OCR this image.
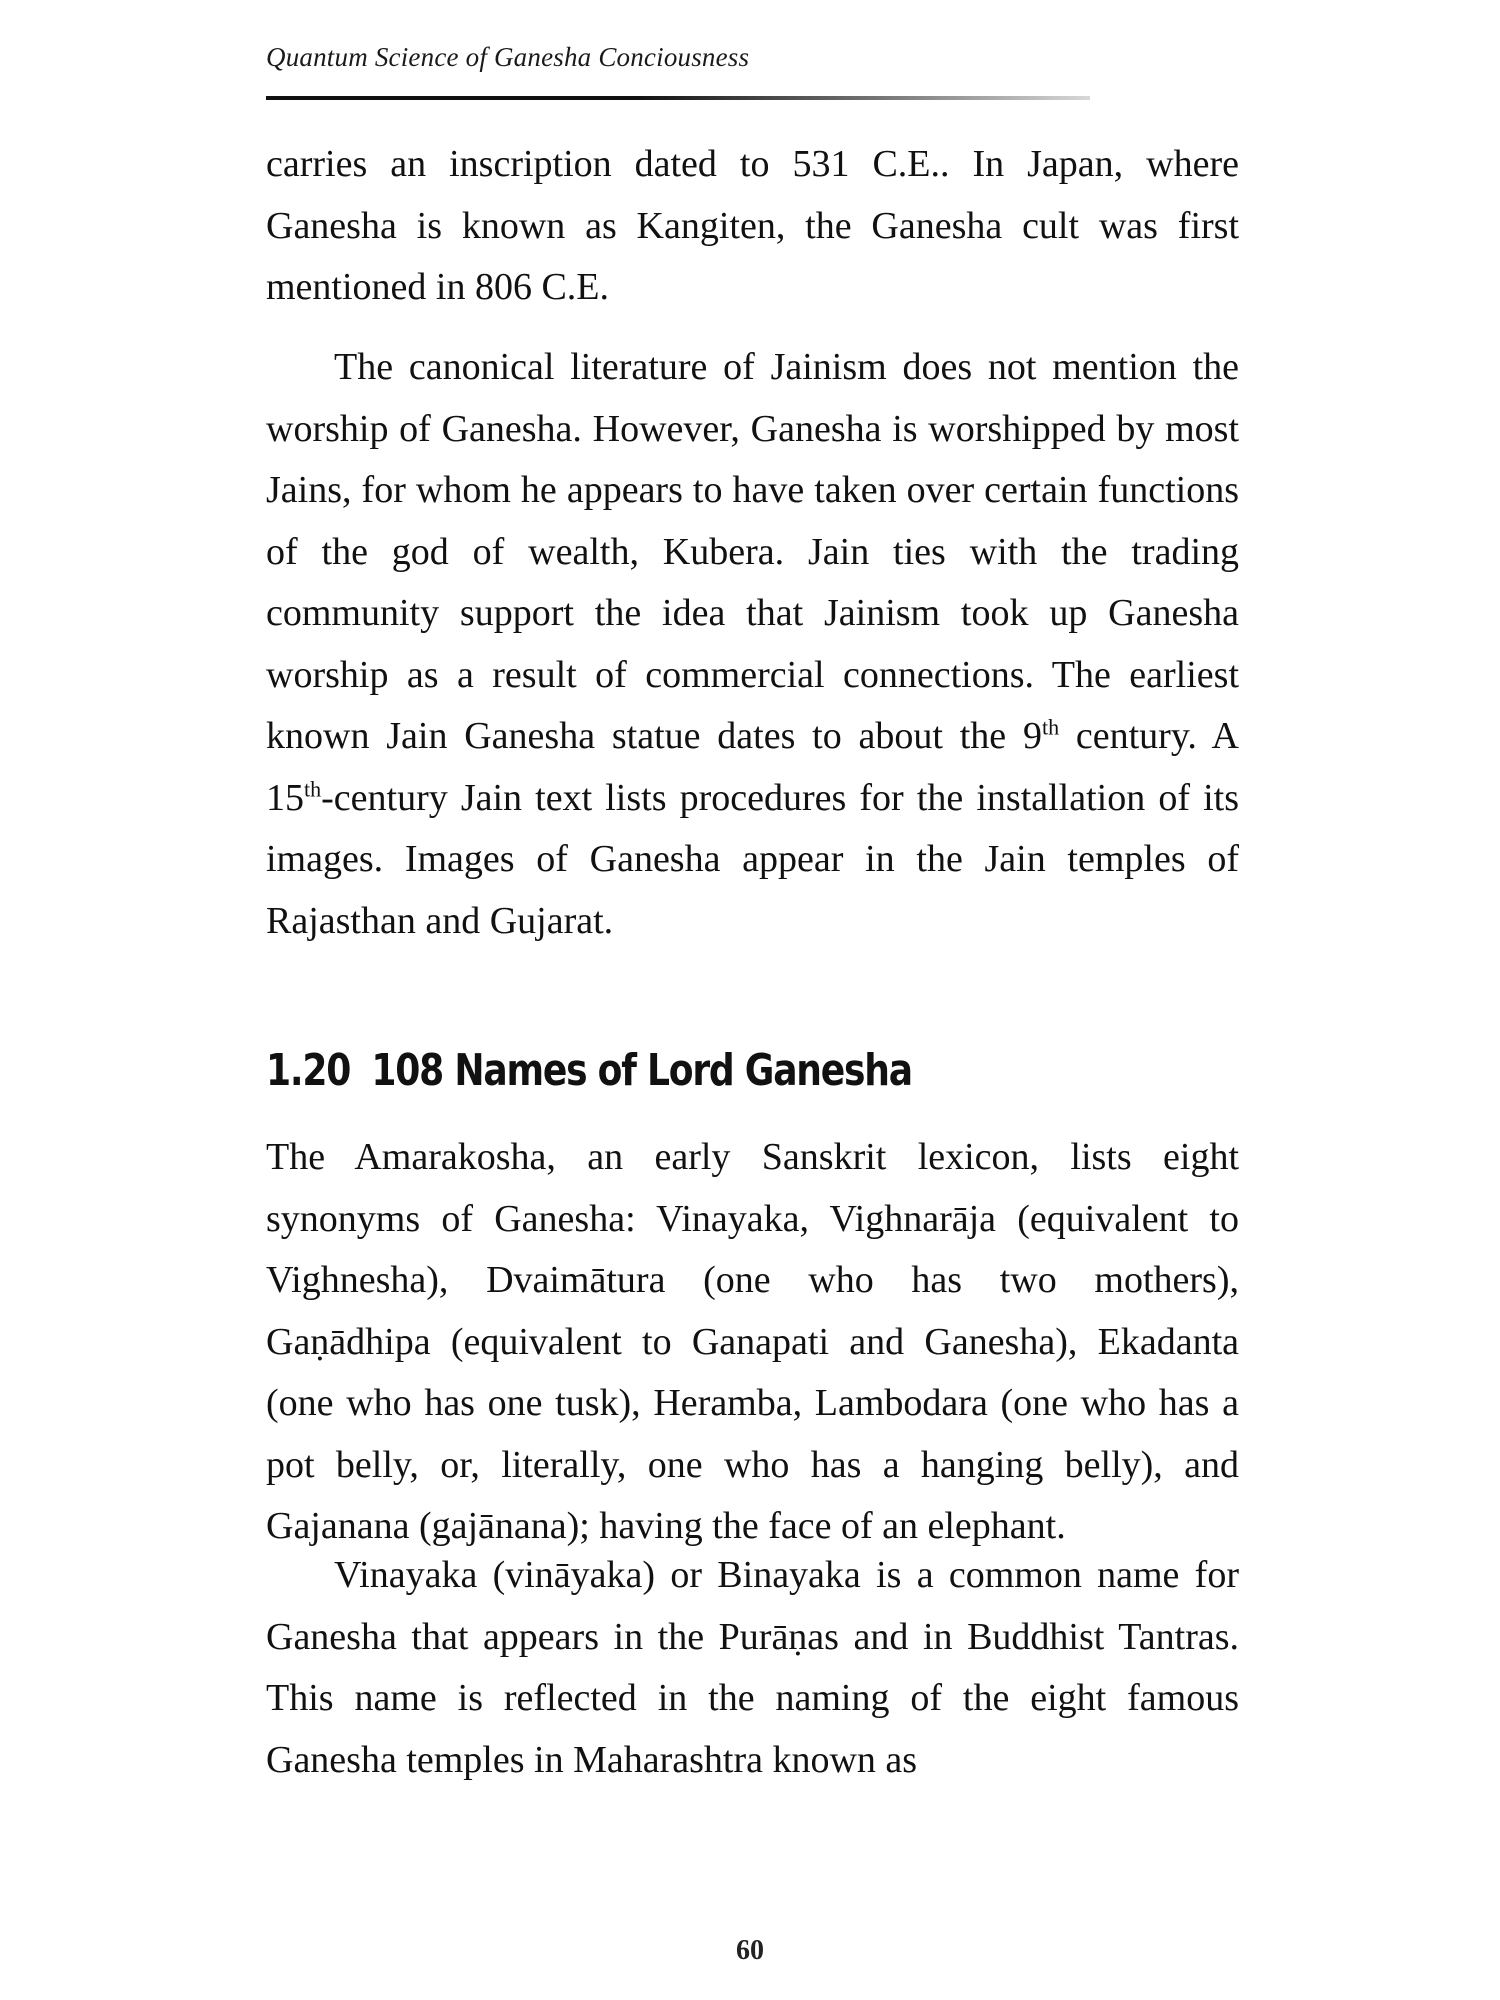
Quantum Science of Ganesha Conciousness

carries an inscription dated to 531 C.E.. In Japan, where Ganesha is known as Kangiten, the Ganesha cult was first mentioned in 806 C.E.

The canonical literature of Jainism does not mention the worship of Ganesha. However, Ganesha is worshipped by most Jains, for whom he appears to have taken over certain functions of the god of wealth, Kubera. Jain ties with the trading community support the idea that Jainism took up Ganesha worship as a result of commercial connections. The earliest known Jain Ganesha statue dates to about the 9th century. A 15th-century Jain text lists procedures for the installation of its images. Images of Ganesha appear in the Jain temples of Rajasthan and Gujarat.

1.20 108 Names of Lord Ganesha

The Amarakosha, an early Sanskrit lexicon, lists eight synonyms of Ganesha: Vinayaka, Vighnarāja (equivalent to Vighnesha), Dvaimātura (one who has two mothers), Gaṇādhipa (equivalent to Ganapati and Ganesha), Ekadanta (one who has one tusk), Heramba, Lambodara (one who has a pot belly, or, literally, one who has a hanging belly), and Gajanana (gajānana); having the face of an elephant.

Vinayaka (vināyaka) or Binayaka is a common name for Ganesha that appears in the Purāṇas and in Buddhist Tantras. This name is reflected in the naming of the eight famous Ganesha temples in Maharashtra known as

60
